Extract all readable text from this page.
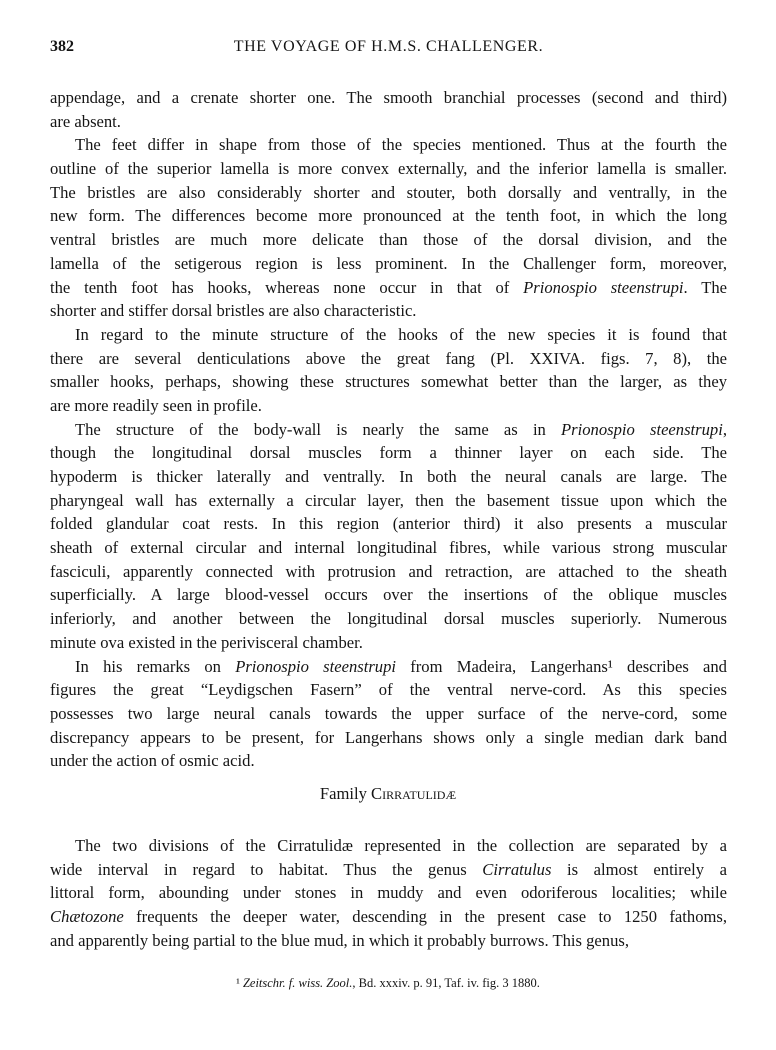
382	THE VOYAGE OF H.M.S. CHALLENGER.
appendage, and a crenate shorter one. The smooth branchial processes (second and third)
are absent.
The feet differ in shape from those of the species mentioned. Thus at the fourth the
outline of the superior lamella is more convex externally, and the inferior lamella is smaller.
The bristles are also considerably shorter and stouter, both dorsally and ventrally, in the
new form. The differences become more pronounced at the tenth foot, in which the long
ventral bristles are much more delicate than those of the dorsal division, and the
lamella of the setigerous region is less prominent. In the Challenger form, moreover,
the tenth foot has hooks, whereas none occur in that of Prionospio steenstrupi. The
shorter and stiffer dorsal bristles are also characteristic.
In regard to the minute structure of the hooks of the new species it is found that
there are several denticulations above the great fang (Pl. XXIVA. figs. 7, 8), the
smaller hooks, perhaps, showing these structures somewhat better than the larger, as they
are more readily seen in profile.
The structure of the body-wall is nearly the same as in Prionospio steenstrupi,
though the longitudinal dorsal muscles form a thinner layer on each side. The
hypoderm is thicker laterally and ventrally. In both the neural canals are large. The
pharyngeal wall has externally a circular layer, then the basement tissue upon which the
folded glandular coat rests. In this region (anterior third) it also presents a muscular
sheath of external circular and internal longitudinal fibres, while various strong muscular
fasciculi, apparently connected with protrusion and retraction, are attached to the sheath
superficially. A large blood-vessel occurs over the insertions of the oblique muscles
inferiorly, and another between the longitudinal dorsal muscles superiorly. Numerous
minute ova existed in the perivisceral chamber.
In his remarks on Prionospio steenstrupi from Madeira, Langerhans¹ describes and
figures the great “Leydigschen Fasern” of the ventral nerve-cord. As this species
possesses two large neural canals towards the upper surface of the nerve-cord, some
discrepancy appears to be present, for Langerhans shows only a single median dark band
under the action of osmic acid.
Family Cirratulidæ
The two divisions of the Cirratulidæ represented in the collection are separated by a
wide interval in regard to habitat. Thus the genus Cirratulus is almost entirely a
littoral form, abounding under stones in muddy and even odoriferous localities; while
Chætozone frequents the deeper water, descending in the present case to 1250 fathoms,
and apparently being partial to the blue mud, in which it probably burrows. This genus,
¹ Zeitschr. f. wiss. Zool., Bd. xxxiv. p. 91, Taf. iv. fig. 3 1880.
